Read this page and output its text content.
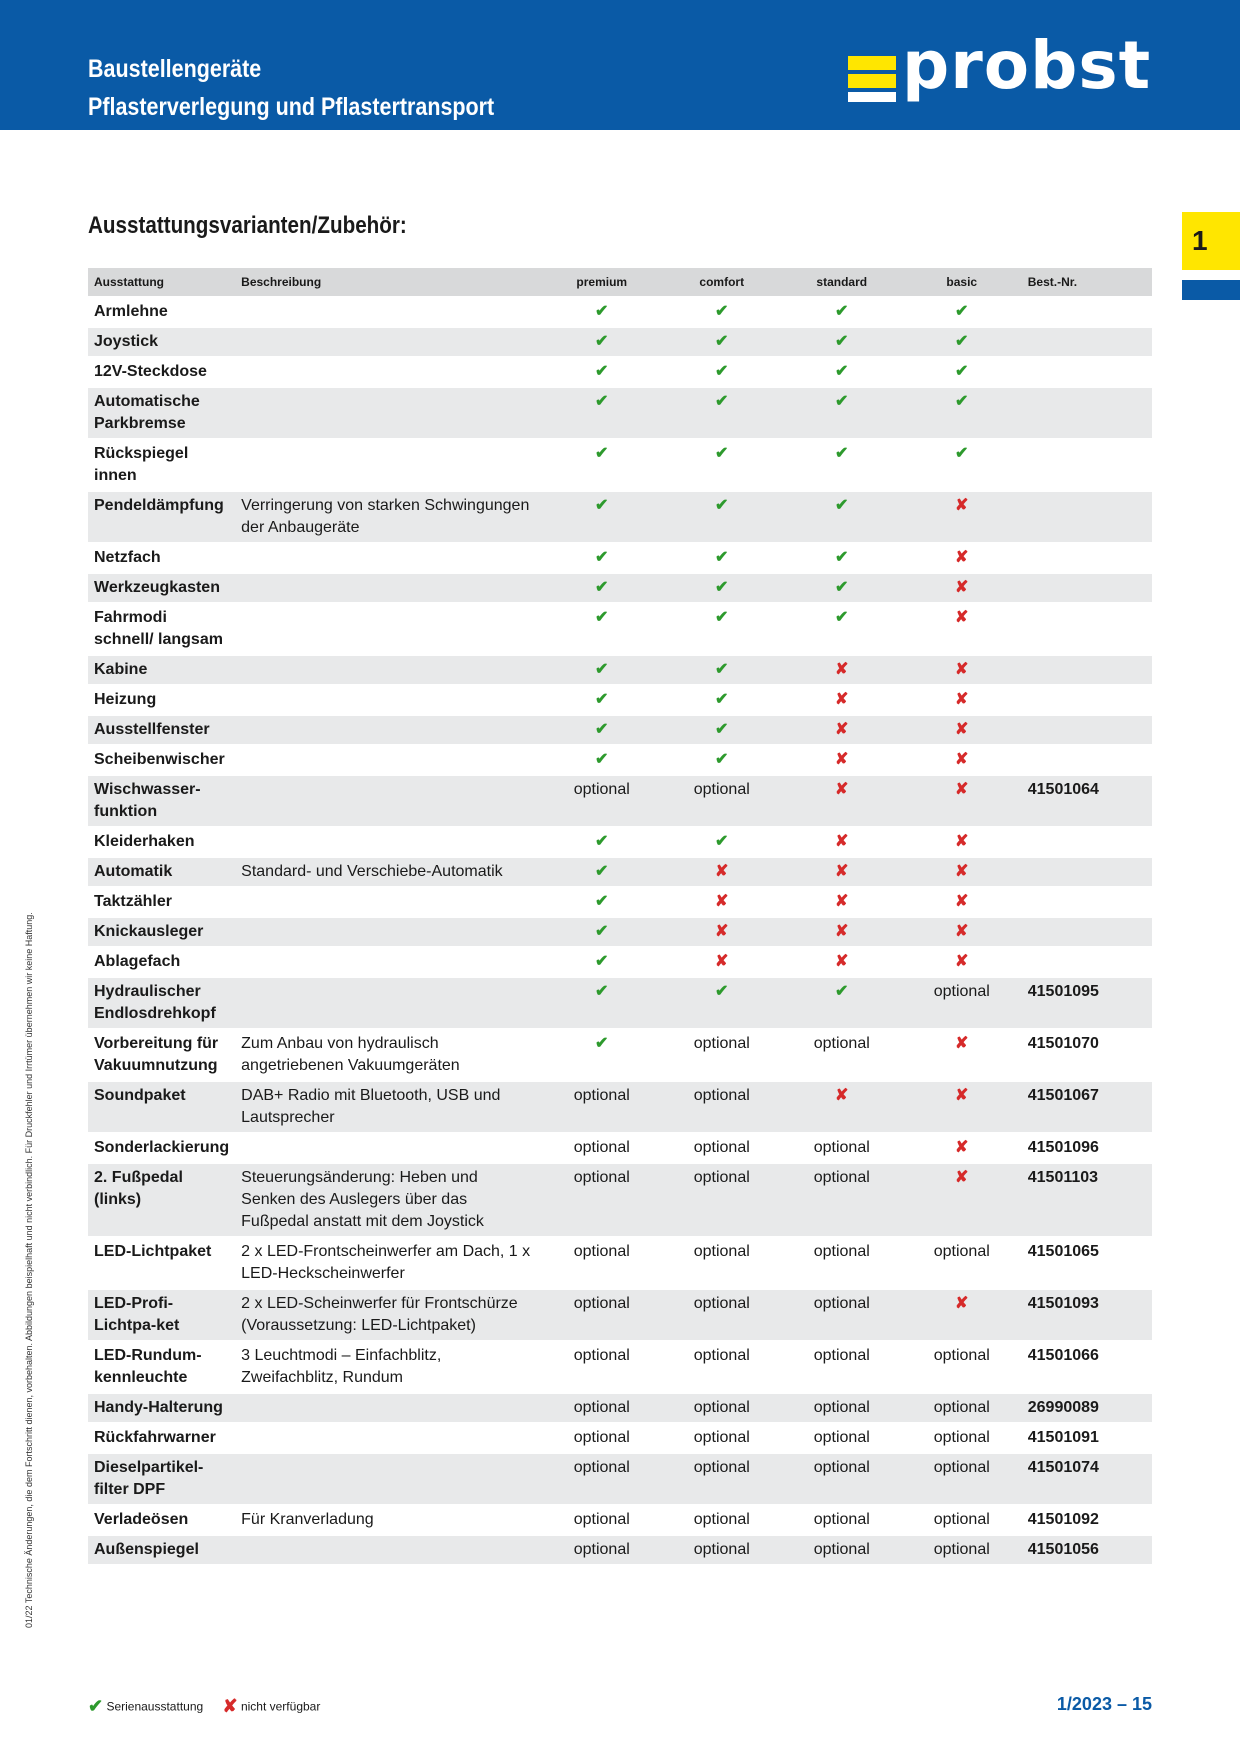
Baustellengeräte
Pflasterverlegung und Pflastertransport
probst
Ausstattungsvarianten/Zubehör:	1
01/22 Technische Änderungen, die dem Fortschritt dienen, vorbehalten. Abbildungen beispielhaft und nicht verbindlich. Für Druckfehler und Irrtümer übernehmen wir keine Haftung.
Ausstattung	Beschreibung	premium	comfort	standard	basic	Best.-Nr.
Armlehne		✔	✔	✔	✔	
Joystick		✔	✔	✔	✔	
12V-Steckdose		✔	✔	✔	✔	
Automatische Parkbremse		✔	✔	✔	✔	
Rückspiegel innen		✔	✔	✔	✔	
Pendeldämpfung	Verringerung von starken Schwingungen der Anbaugeräte	✔	✔	✔	✘	
Netzfach		✔	✔	✔	✘	
Werkzeugkasten		✔	✔	✔	✘	
Fahrmodi schnell/ langsam		✔	✔	✔	✘	
Kabine		✔	✔	✘	✘	
Heizung		✔	✔	✘	✘	
Ausstellfenster		✔	✔	✘	✘	
Scheibenwischer		✔	✔	✘	✘	
Wischwasser-funktion		optional	optional	✘	✘	41501064
Kleiderhaken		✔	✔	✘	✘	
Automatik	Standard- und Verschiebe-Automatik	✔	✘	✘	✘	
Taktzähler		✔	✘	✘	✘	
Knickausleger		✔	✘	✘	✘	
Ablagefach		✔	✘	✘	✘	
Hydraulischer Endlosdrehkopf		✔	✔	✔	optional	41501095
Vorbereitung für Vakuumnutzung	Zum Anbau von hydraulisch angetriebenen Vakuumgeräten	✔	optional	optional	✘	41501070
Soundpaket	DAB+ Radio mit Bluetooth, USB und Lautsprecher	optional	optional	✘	✘	41501067
Sonderlackierung		optional	optional	optional	✘	41501096
2. Fußpedal (links)	Steuerungsänderung: Heben und Senken des Auslegers über das Fußpedal anstatt mit dem Joystick	optional	optional	optional	✘	41501103
LED-Lichtpaket	2 x LED-Frontscheinwerfer am Dach, 1 x LED-Heckscheinwerfer	optional	optional	optional	optional	41501065
LED-Profi-Lichtpa-ket	2 x LED-Scheinwerfer für Frontschürze (Voraussetzung: LED-Lichtpaket)	optional	optional	optional	✘	41501093
LED-Rundum-kennleuchte	3 Leuchtmodi – Einfachblitz, Zweifachblitz, Rundum	optional	optional	optional	optional	41501066
Handy-Halterung		optional	optional	optional	optional	26990089
Rückfahrwarner		optional	optional	optional	optional	41501091
Dieselpartikel-filter DPF		optional	optional	optional	optional	41501074
Verladeösen	Für Kranverladung	optional	optional	optional	optional	41501092
Außenspiegel		optional	optional	optional	optional	41501056
✔ Serienausstattung ✘ nicht verfügbar	1/2023 – 15
